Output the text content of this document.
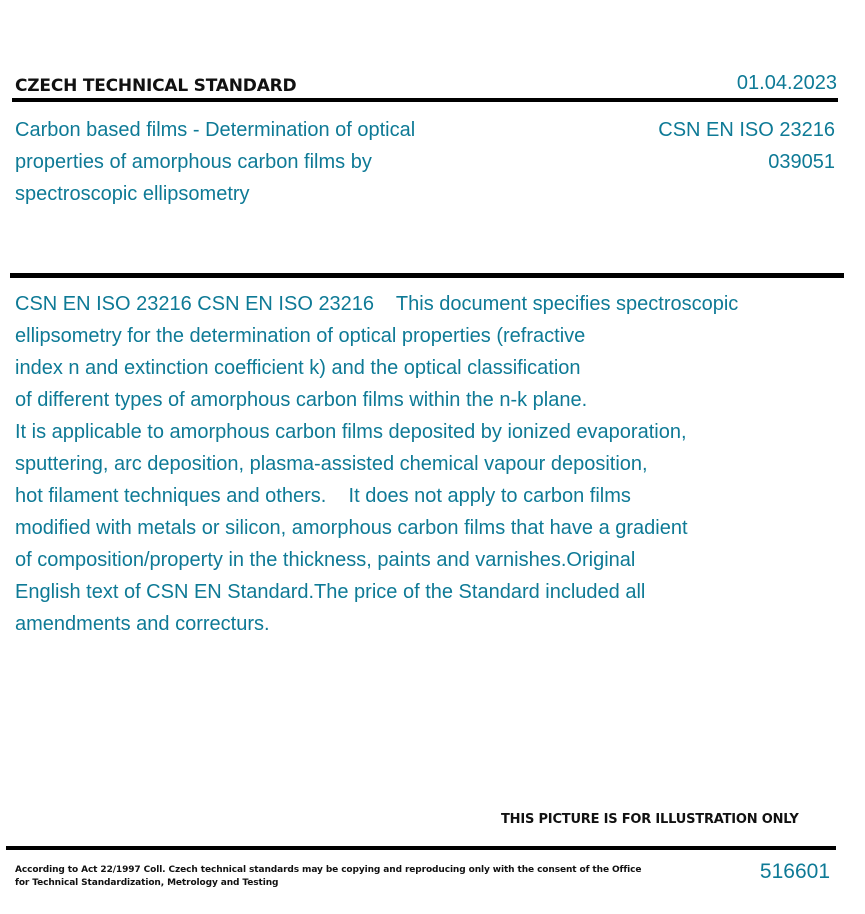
CZECH TECHNICAL STANDARD	01.04.2023
Carbon based films - Determination of optical
properties of amorphous carbon films by
spectroscopic ellipsometry
CSN EN ISO 23216
039051
CSN EN ISO 23216 CSN EN ISO 23216    This document specifies spectroscopic
ellipsometry for the determination of optical properties (refractive
index n and extinction coefficient k) and the optical classification
of different types of amorphous carbon films within the n-k plane.
It is applicable to amorphous carbon films deposited by ionized evaporation,
sputtering, arc deposition, plasma-assisted chemical vapour deposition,
hot filament techniques and others.    It does not apply to carbon films
modified with metals or silicon, amorphous carbon films that have a gradient
of composition/property in the thickness, paints and varnishes.Original
English text of CSN EN Standard.The price of the Standard included all
amendments and correcturs.
THIS PICTURE IS FOR ILLUSTRATION ONLY
According to Act 22/1997 Coll. Czech technical standards may be copying and reproducing only with the consent of the Office
for Technical Standardization, Metrology and Testing	516601
